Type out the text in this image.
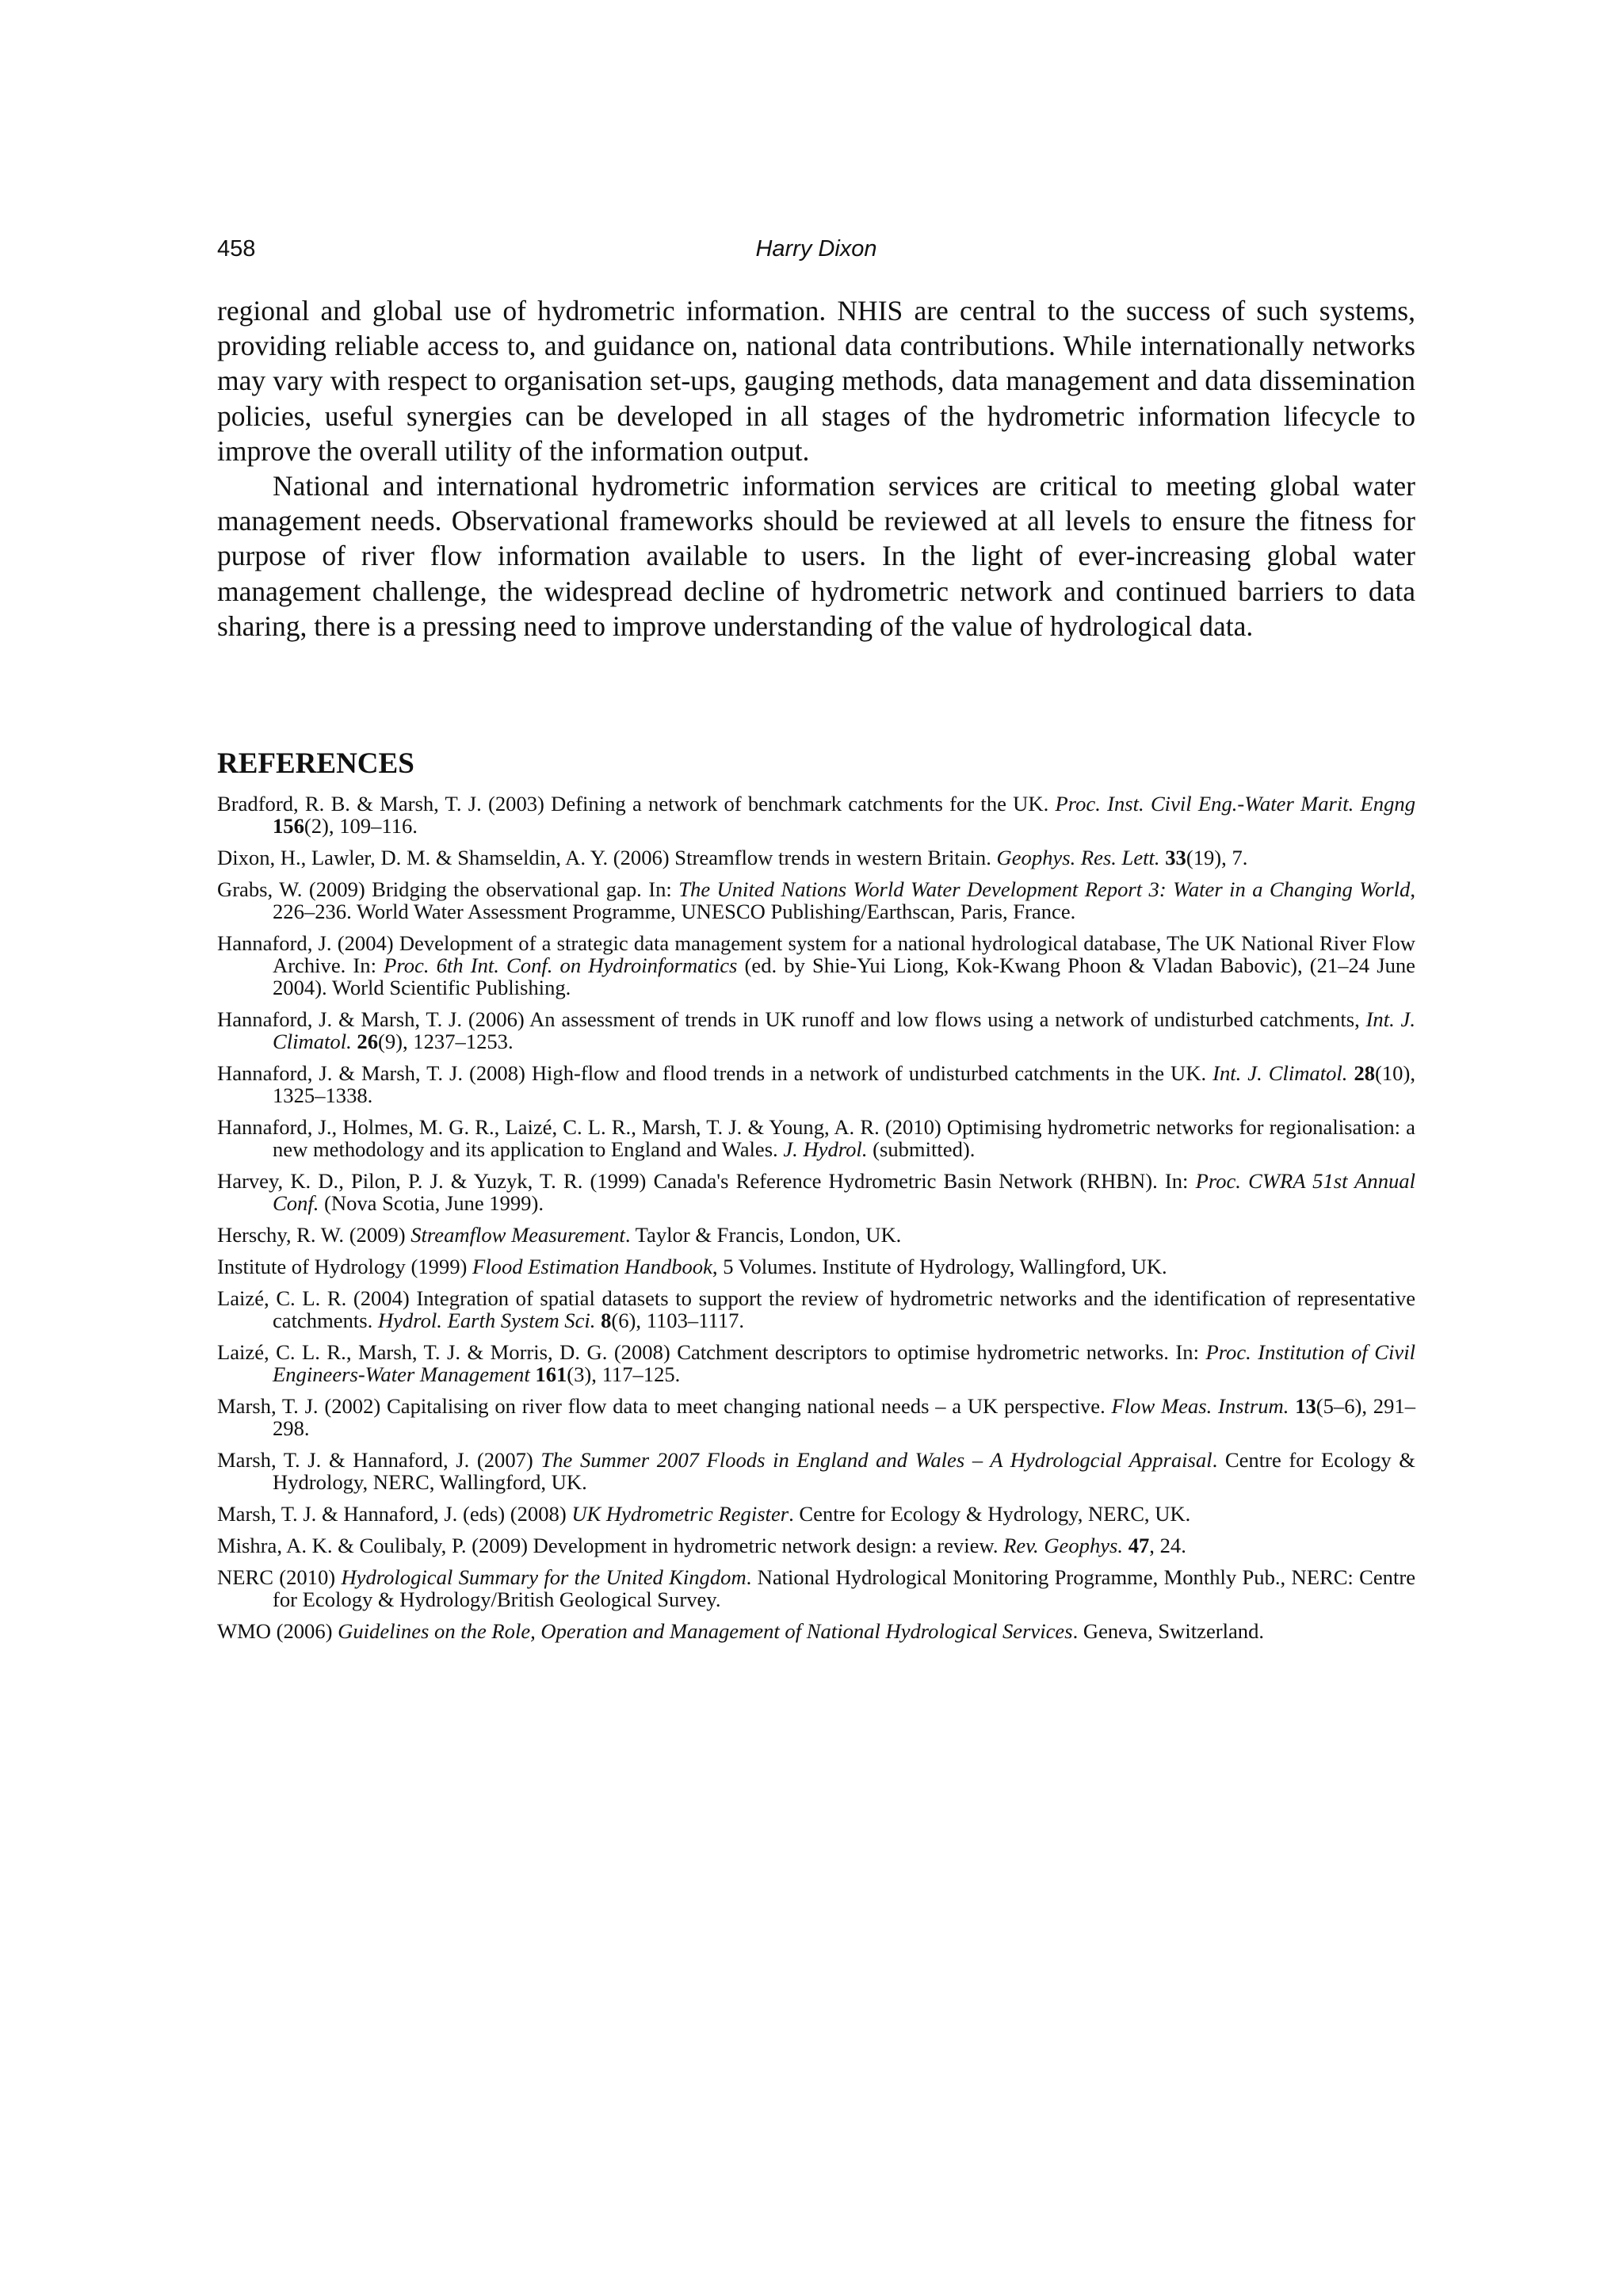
458	Harry Dixon

regional and global use of hydrometric information. NHIS are central to the success of such systems, providing reliable access to, and guidance on, national data contributions. While internationally networks may vary with respect to organisation set-ups, gauging methods, data management and data dissemination policies, useful synergies can be developed in all stages of the hydrometric information lifecycle to improve the overall utility of the information output.

National and international hydrometric information services are critical to meeting global water management needs. Observational frameworks should be reviewed at all levels to ensure the fitness for purpose of river flow information available to users. In the light of ever-increasing global water management challenge, the widespread decline of hydrometric network and continued barriers to data sharing, there is a pressing need to improve understanding of the value of hydrological data.

REFERENCES
Bradford, R. B. & Marsh, T. J. (2003) Defining a network of benchmark catchments for the UK. Proc. Inst. Civil Eng.-Water Marit. Engng 156(2), 109–116.
Dixon, H., Lawler, D. M. & Shamseldin, A. Y. (2006) Streamflow trends in western Britain. Geophys. Res. Lett. 33(19), 7.
Grabs, W. (2009) Bridging the observational gap. In: The United Nations World Water Development Report 3: Water in a Changing World, 226–236. World Water Assessment Programme, UNESCO Publishing/Earthscan, Paris, France.
Hannaford, J. (2004) Development of a strategic data management system for a national hydrological database, The UK National River Flow Archive. In: Proc. 6th Int. Conf. on Hydroinformatics (ed. by Shie-Yui Liong, Kok-Kwang Phoon & Vladan Babovic), (21–24 June 2004). World Scientific Publishing.
Hannaford, J. & Marsh, T. J. (2006) An assessment of trends in UK runoff and low flows using a network of undisturbed catchments, Int. J. Climatol. 26(9), 1237–1253.
Hannaford, J. & Marsh, T. J. (2008) High-flow and flood trends in a network of undisturbed catchments in the UK. Int. J. Climatol. 28(10), 1325–1338.
Hannaford, J., Holmes, M. G. R., Laizé, C. L. R., Marsh, T. J. & Young, A. R. (2010) Optimising hydrometric networks for regionalisation: a new methodology and its application to England and Wales. J. Hydrol. (submitted).
Harvey, K. D., Pilon, P. J. & Yuzyk, T. R. (1999) Canada's Reference Hydrometric Basin Network (RHBN). In: Proc. CWRA 51st Annual Conf. (Nova Scotia, June 1999).
Herschy, R. W. (2009) Streamflow Measurement. Taylor & Francis, London, UK.
Institute of Hydrology (1999) Flood Estimation Handbook, 5 Volumes. Institute of Hydrology, Wallingford, UK.
Laizé, C. L. R. (2004) Integration of spatial datasets to support the review of hydrometric networks and the identification of representative catchments. Hydrol. Earth System Sci. 8(6), 1103–1117.
Laizé, C. L. R., Marsh, T. J. & Morris, D. G. (2008) Catchment descriptors to optimise hydrometric networks. In: Proc. Institution of Civil Engineers-Water Management 161(3), 117–125.
Marsh, T. J. (2002) Capitalising on river flow data to meet changing national needs – a UK perspective. Flow Meas. Instrum. 13(5–6), 291–298.
Marsh, T. J. & Hannaford, J. (2007) The Summer 2007 Floods in England and Wales – A Hydrologcial Appraisal. Centre for Ecology & Hydrology, NERC, Wallingford, UK.
Marsh, T. J. & Hannaford, J. (eds) (2008) UK Hydrometric Register. Centre for Ecology & Hydrology, NERC, UK.
Mishra, A. K. & Coulibaly, P. (2009) Development in hydrometric network design: a review. Rev. Geophys. 47, 24.
NERC (2010) Hydrological Summary for the United Kingdom. National Hydrological Monitoring Programme, Monthly Pub., NERC: Centre for Ecology & Hydrology/British Geological Survey.
WMO (2006) Guidelines on the Role, Operation and Management of National Hydrological Services. Geneva, Switzerland.
